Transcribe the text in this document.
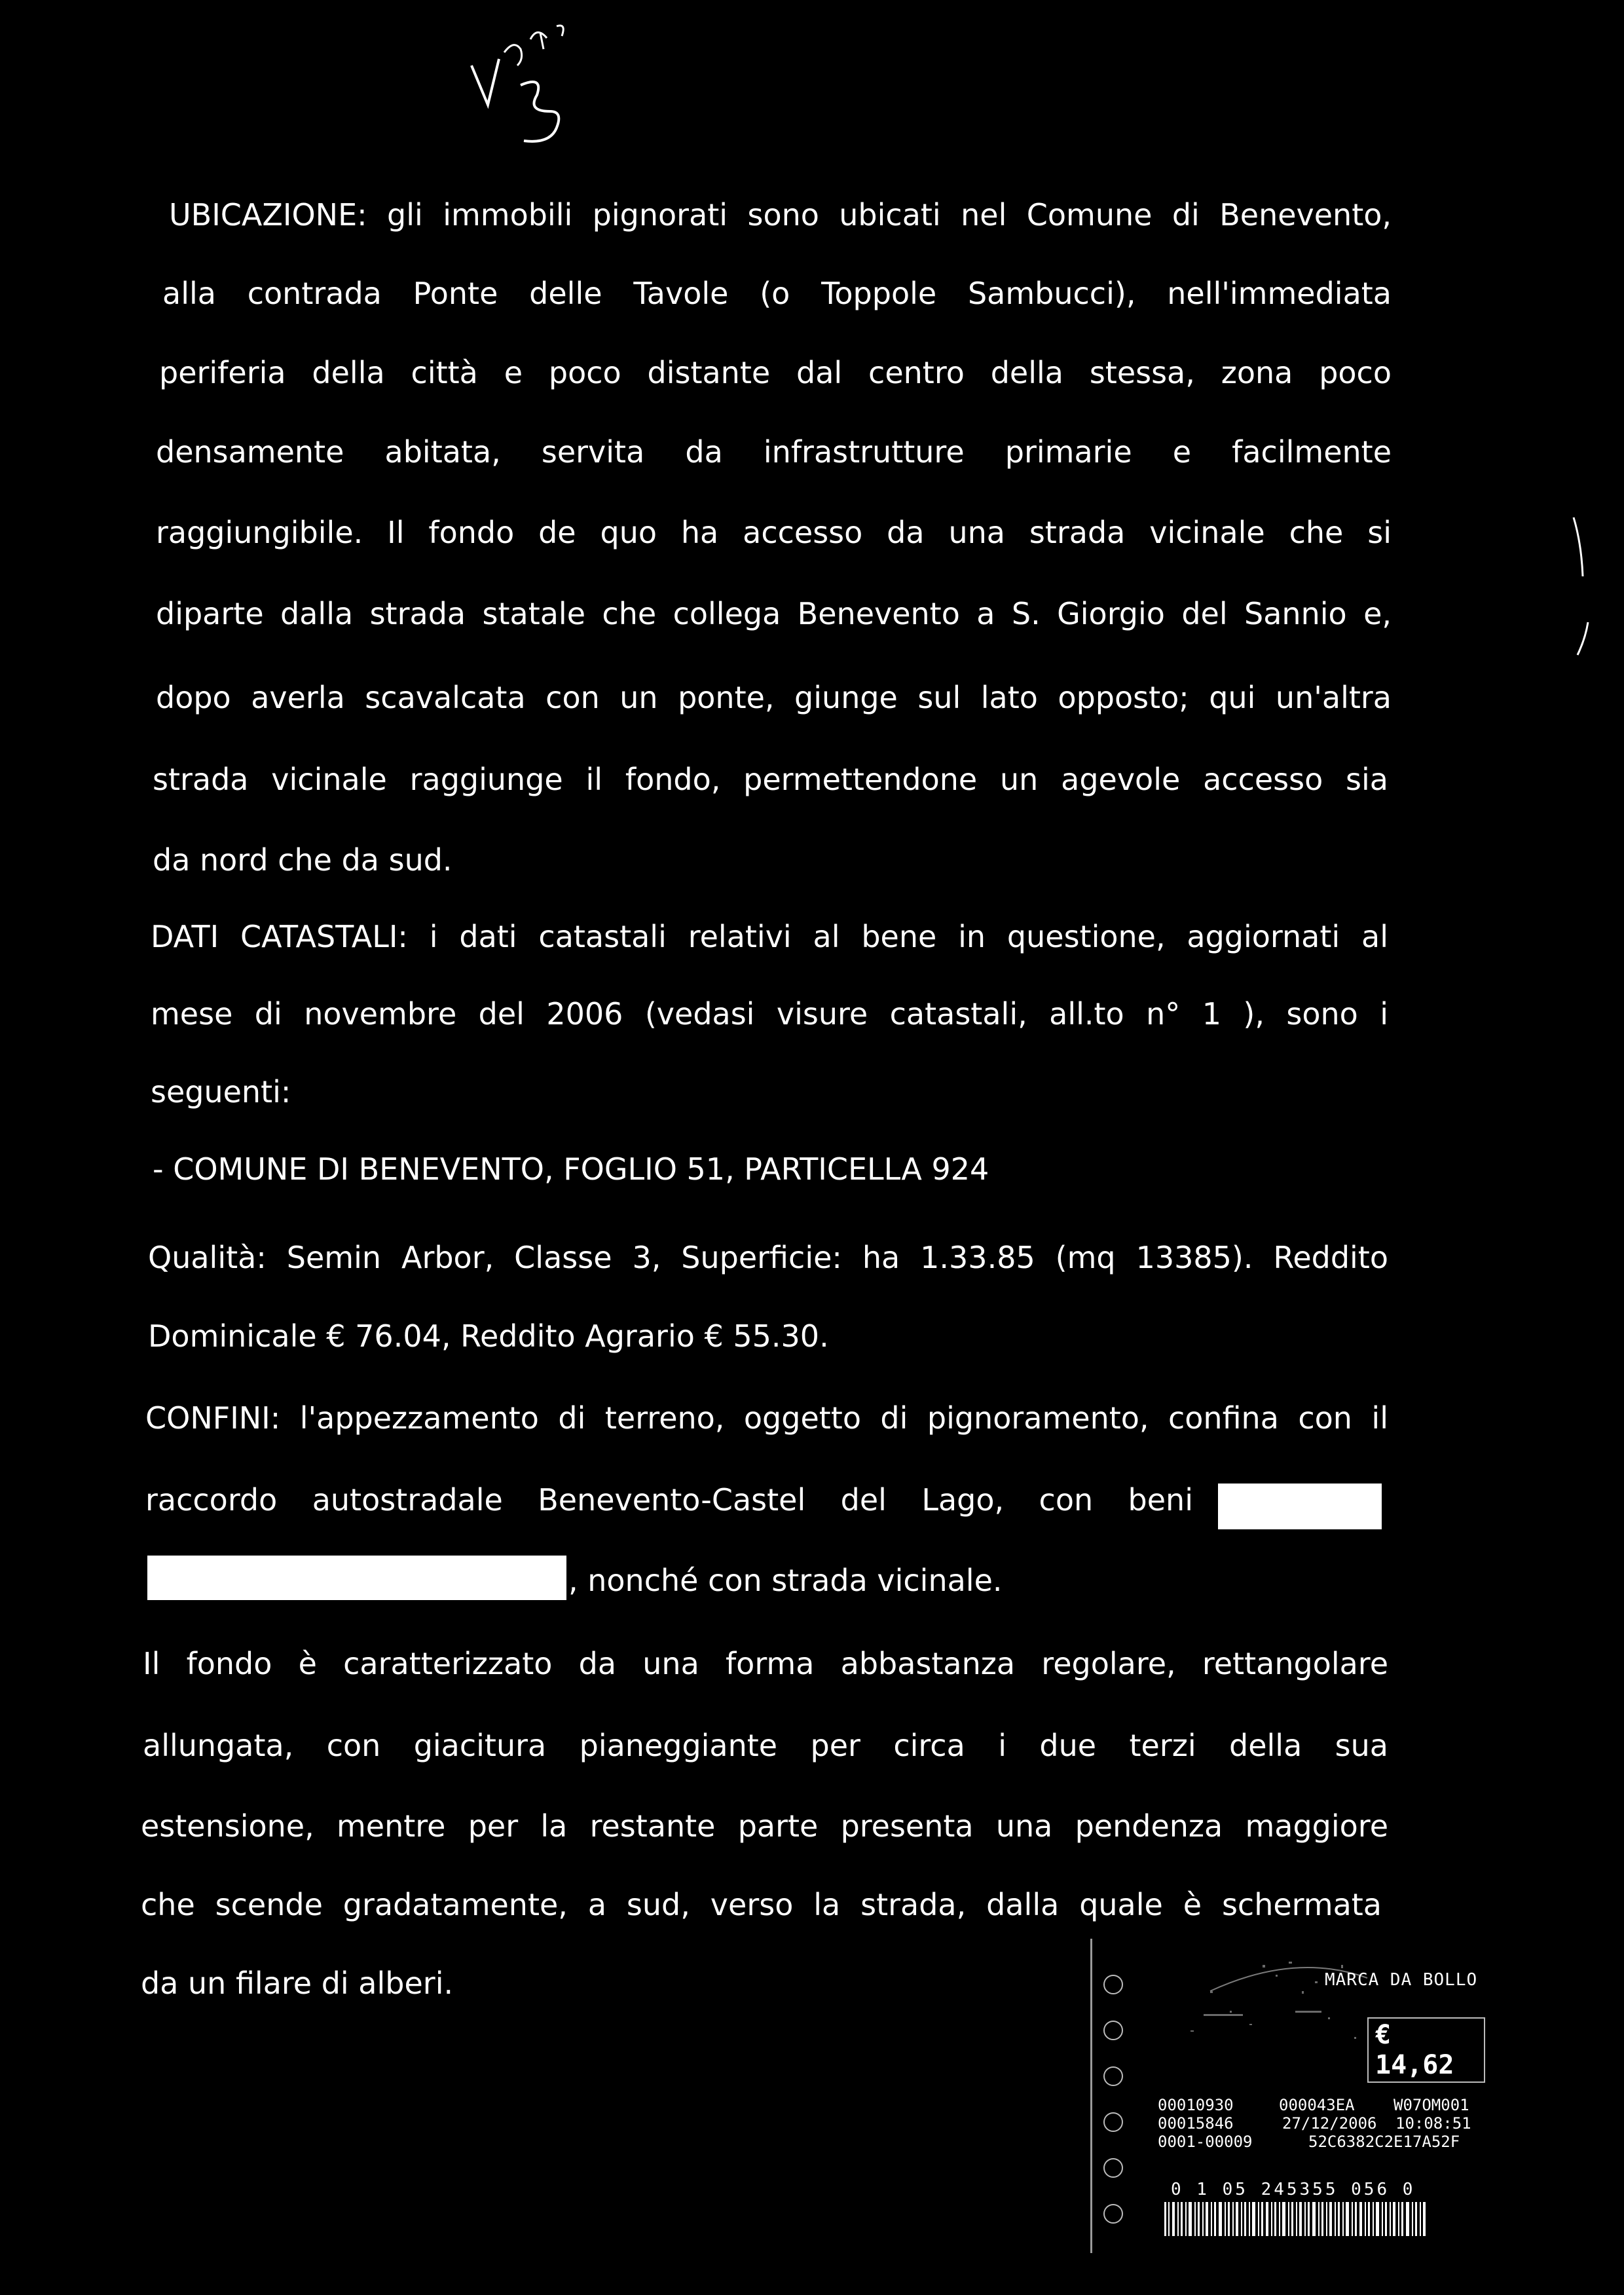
UBICAZIONE: gli immobili pignorati sono ubicati nel Comune di Benevento,
alla contrada Ponte delle Tavole (o Toppole Sambucci), nell'immediata
periferia della città e poco distante dal centro della stessa, zona poco
densamente abitata, servita da infrastrutture primarie e facilmente
raggiungibile. Il fondo de quo ha accesso da una strada vicinale che si
diparte dalla strada statale che collega Benevento a S. Giorgio del Sannio e,
dopo averla scavalcata con un ponte, giunge sul lato opposto; qui un'altra
strada vicinale raggiunge il fondo, permettendone un agevole accesso sia
da nord che da sud.
DATI CATASTALI: i dati catastali relativi al bene in questione, aggiornati al
mese di novembre del 2006 (vedasi visure catastali, all.to n° 1 ), sono i
seguenti:
- COMUNE DI BENEVENTO, FOGLIO 51, PARTICELLA 924
Qualità: Semin Arbor, Classe 3, Superficie: ha 1.33.85 (mq 13385). Reddito
Dominicale € 76.04, Reddito Agrario € 55.30.
CONFINI: l'appezzamento di terreno, oggetto di pignoramento, confina con il
raccordo autostradale Benevento-Castel del Lago, con beni
, nonché con strada vicinale.
Il fondo è caratterizzato da una forma abbastanza regolare, rettangolare
allungata, con giacitura pianeggiante per circa i due terzi della sua
estensione, mentre per la restante parte presenta una pendenza maggiore
che scende gradatamente, a sud, verso la strada, dalla quale è schermata
da un filare di alberi.	MARCA DA BOLLO
€ 14,62
00010930	000043EA W07OM001
00015846	27/12/2006 10:08:51
0001-00009	52C6382C2E17A52F
0 1 05 245355 056 0
